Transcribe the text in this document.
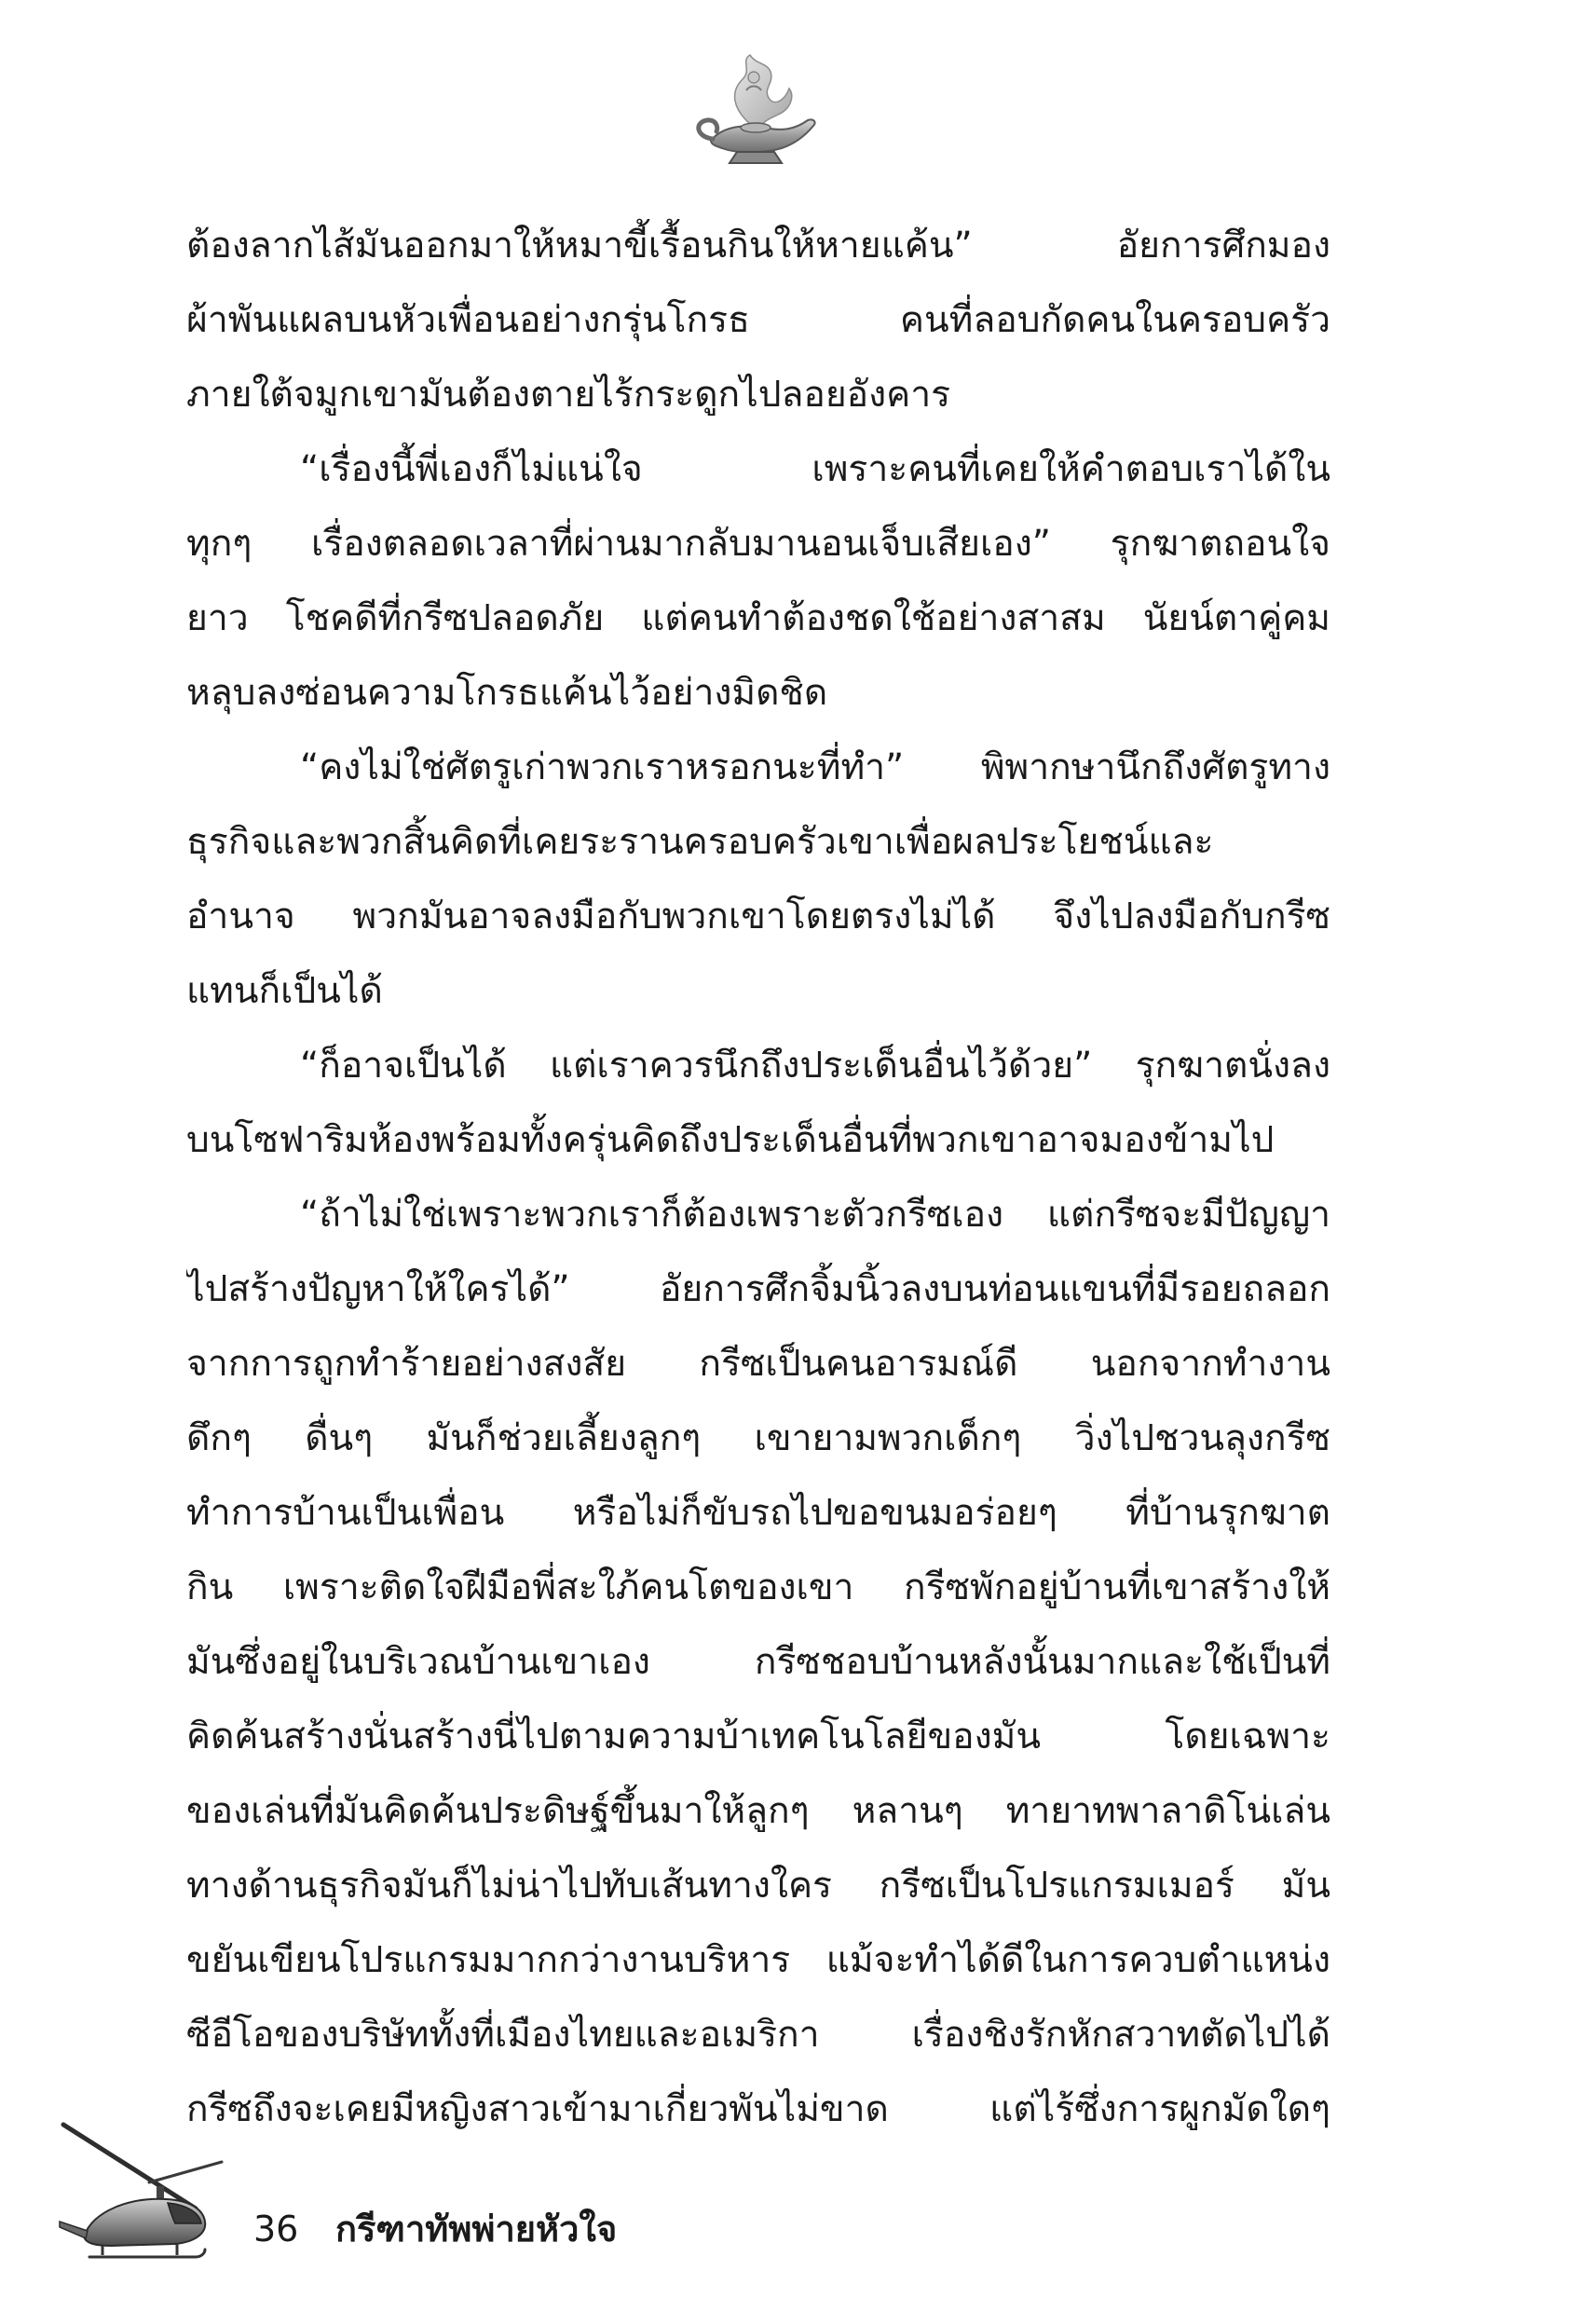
ต้องลากไส้มันออกมาให้หมาขี้เรื้อนกินให้หายแค้น” อัยการศึกมอง
ผ้าพันแผลบนหัวเพื่อนอย่างกรุ่นโกรธ คนที่ลอบกัดคนในครอบครัว
ภายใต้จมูกเขามันต้องตายไร้กระดูกไปลอยอังคาร
“เรื่องนี้พี่เองก็ไม่แน่ใจ เพราะคนที่เคยให้คำตอบเราได้ใน
ทุกๆ เรื่องตลอดเวลาที่ผ่านมากลับมานอนเจ็บเสียเอง” รุกฆาตถอนใจ
ยาว โชคดีที่กรีซปลอดภัย แต่คนทำต้องชดใช้อย่างสาสม นัยน์ตาคู่คม
หลุบลงซ่อนความโกรธแค้นไว้อย่างมิดชิด
“คงไม่ใช่ศัตรูเก่าพวกเราหรอกนะที่ทำ” พิพากษานึกถึงศัตรูทาง
ธุรกิจและพวกสิ้นคิดที่เคยระรานครอบครัวเขาเพื่อผลประโยชน์และ
อำนาจ พวกมันอาจลงมือกับพวกเขาโดยตรงไม่ได้ จึงไปลงมือกับกรีซ
แทนก็เป็นได้
“ก็อาจเป็นได้ แต่เราควรนึกถึงประเด็นอื่นไว้ด้วย” รุกฆาตนั่งลง
บนโซฟาริมห้องพร้อมทั้งครุ่นคิดถึงประเด็นอื่นที่พวกเขาอาจมองข้ามไป
“ถ้าไม่ใช่เพราะพวกเราก็ต้องเพราะตัวกรีซเอง แต่กรีซจะมีปัญญา
ไปสร้างปัญหาให้ใครได้” อัยการศึกจิ้มนิ้วลงบนท่อนแขนที่มีรอยถลอก
จากการถูกทำร้ายอย่างสงสัย กรีซเป็นคนอารมณ์ดี นอกจากทำงาน
ดึกๆ ดื่นๆ มันก็ช่วยเลี้ยงลูกๆ เขายามพวกเด็กๆ วิ่งไปชวนลุงกรีซ
ทำการบ้านเป็นเพื่อน หรือไม่ก็ขับรถไปขอขนมอร่อยๆ ที่บ้านรุกฆาต
กิน เพราะติดใจฝีมือพี่สะใภ้คนโตของเขา กรีซพักอยู่บ้านที่เขาสร้างให้
มันซึ่งอยู่ในบริเวณบ้านเขาเอง กรีซชอบบ้านหลังนั้นมากและใช้เป็นที่
คิดค้นสร้างนั่นสร้างนี่ไปตามความบ้าเทคโนโลยีของมัน โดยเฉพาะ
ของเล่นที่มันคิดค้นประดิษฐ์ขึ้นมาให้ลูกๆ หลานๆ ทายาทพาลาดิโน่เล่น
ทางด้านธุรกิจมันก็ไม่น่าไปทับเส้นทางใคร กรีซเป็นโปรแกรมเมอร์ มัน
ขยันเขียนโปรแกรมมากกว่างานบริหาร แม้จะทำได้ดีในการควบตำแหน่ง
ซีอีโอของบริษัททั้งที่เมืองไทยและอเมริกา เรื่องชิงรักหักสวาทตัดไปได้
กรีซถึงจะเคยมีหญิงสาวเข้ามาเกี่ยวพันไม่ขาด แต่ไร้ซึ่งการผูกมัดใดๆ
36 กรีฑาทัพพ่ายหัวใจ
